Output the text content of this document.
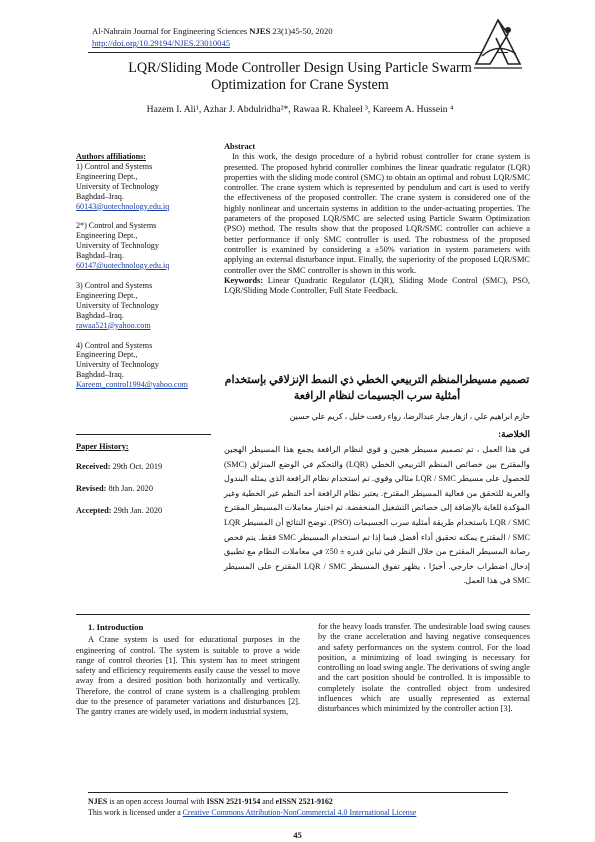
Al-Nahrain Journal for Engineering Sciences NJES 23(1)45-50, 2020
http://doi.org/10.29194/NJES.23010045
LQR/Sliding Mode Controller Design Using Particle Swarm
Optimization for Crane System
Hazem I. Ali¹, Azhar J. Abdulridha²*, Rawaa R. Khaleel ³, Kareem A. Hussein ⁴
Authors affiliations:
1) Control and Systems
Engineering Dept.,
University of Technology
Baghdad–Iraq.
60143@uotechnology.edu.iq
2*) Control and Systems
Engineering Dept.,
University of Technology
Baghdad–Iraq.
60147@uotechnology.edu.iq
3) Control and Systems
Engineering Dept.,
University of Technology
Baghdad–Iraq.
rawaa521@yahoo.com
4) Control and Systems
Engineering Dept.,
University of Technology
Baghdad–Iraq.
Kareem_control1994@yahoo.com
Paper History:
Received: 29th Oct. 2019
Revised: 8th Jan. 2020
Accepted: 29th Jan. 2020
Abstract

In this work, the design procedure of a hybrid robust controller for crane system is presented. The proposed hybrid controller combines the linear quadratic regulator (LQR) properties with the sliding mode control (SMC) to obtain an optimal and robust LQR/SMC controller. The crane system which is represented by pendulum and cart is used to verify the effectiveness of the proposed controller. The crane system is considered one of the highly nonlinear and uncertain systems in addition to the under-actuating properties. The parameters of the proposed LQR/SMC are selected using Particle Swarm Optimization (PSO) method. The results show that the proposed LQR/SMC controller can achieve a better performance if only SMC controller is used. The robustness of the proposed controller is examined by considering a ±50% variation in system parameters with applying an external disturbance input. Finally, the superiority of the proposed LQR/SMC controller over the SMC controller is shown in this work.

Keywords: Linear Quadratic Regulator (LQR), Sliding Mode Control (SMC), PSO, LQR/Sliding Mode Controller, Full State Feedback.
تصميم مسيطرالمنظم التربيعي الخطي ذي النمط الإنزلاقي بإستخدام أمثلية سرب الجسيمات لنظام الرافعة
حازم ابراهيم علي ، ازهار جبار عبدالرضا، رواء رفعت خليل ، كريم علي حسين
الخلاصة:
في هذا العمل ، تم تصميم مسيطر هجين و قوي لنظام الرافعة يجمع هذا المسيطر الهجين والمقترح بين خصائص المنظم التربيعي الخطي (LQR) والتحكم في الوضع المنزلق (SMC) للحصول على مسيطر LQR / SMC مثالي وقوي. تم استخدام نظام الرافعة الذي يمثله البندول والعربة للتحقق من فعالية المسيطر المقترح. يعتبر نظام الرافعة أحد النظم غير الخطية وغير المؤكدة للغاية بالإضافة إلى خصائص التشغيل المنخفضة. تم اختيار معاملات المسيطر المقترح LQR / SMC باستخدام طريقة أمثلية سرب الجسيمات (PSO). توضح النتائج أن المسيطر LQR / SMC المقترح يمكنه تحقيق أداء أفضل فيما إذا تم استخدام المسيطر SMC فقط. يتم فحص رصانة المسيطر المقترح من خلال النظر في تباين قدره ± 50٪ في معاملات النظام مع تطبيق إدخال اضطراب خارجي. أخيرًا ، يظهر تفوق المسيطر LQR / SMC المقترح على المسيطر SMC في هذا العمل.
1. Introduction

A Crane system is used for educational purposes in the engineering of control. The system is suitable to prove a wide range of control theories [1]. This system has to meet stringent safety and efficiency requirements easily cause the vessel to move away from a desired position both horizontally and vertically. Therefore, the control of crane system is a challenging problem due to the presence of parameter variations and disturbances [2]. The gantry cranes are widely used, in modern industrial system,

for the heavy loads transfer. The undesirable load swing causes by the crane acceleration and having negative consequences and safety performances on the system control. For the load position, a minimizing of load swinging is necessary for controlling on load swing angle. The derivations of swing angle and the cart position should be controlled. It is impossible to completely isolate the controlled object from undesired influences which are usually represented as external disturbances which minimized by the controller action [3].

NJES is an open access Journal with ISSN 2521-9154 and eISSN 2521-9162
This work is licensed under a Creative Commons Attribution-NonCommercial 4.0 International License
45
